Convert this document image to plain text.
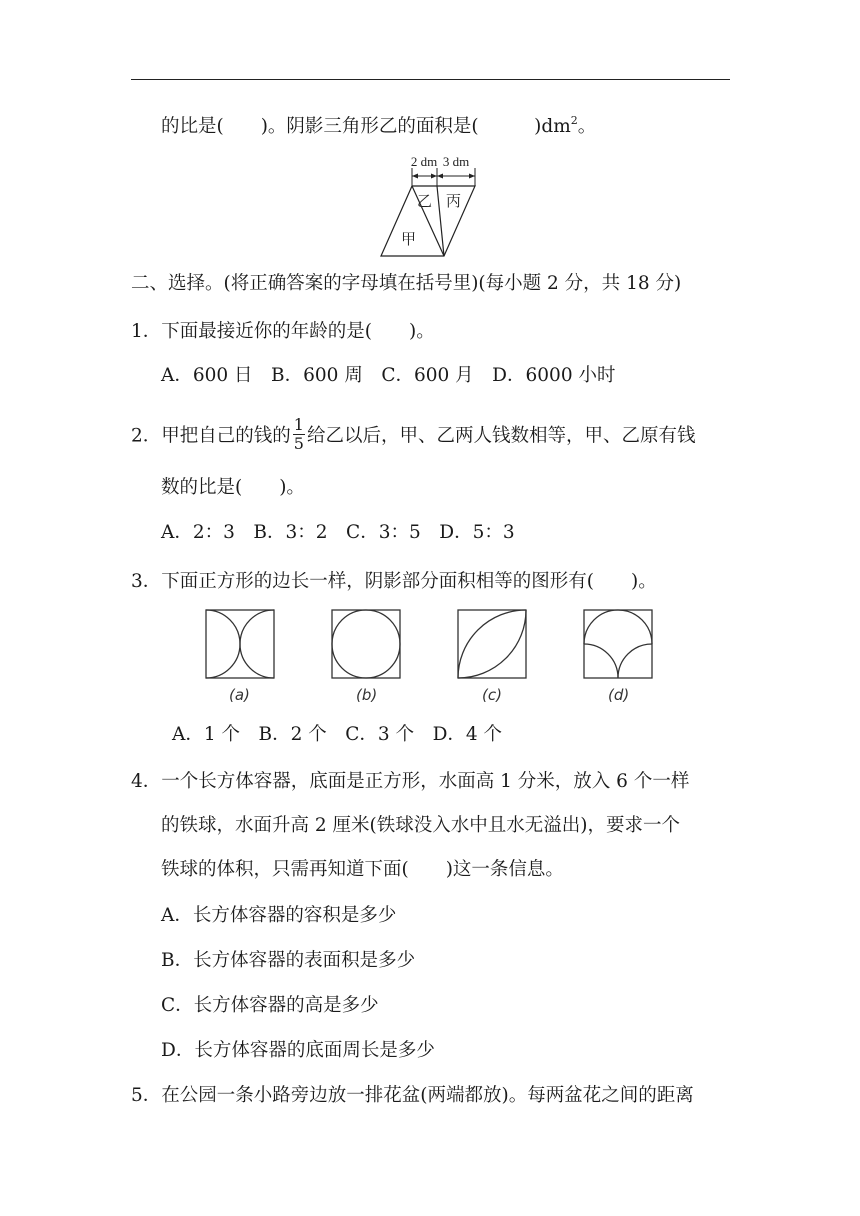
的比是(　　)。阴影三角形乙的面积是(　　　)$dm^2$。
2 dm 3 dm
乙 丙
甲
二、选择。(将正确答案的字母填在括号里)(每小题 2 分，共 18 分)
1．下面最接近你的年龄的是(　　)。
A．600 日　B．600 周　C．600 月　D．6000 小时
2．甲把自己的钱的 $\frac{1}{5}$ 给乙以后，甲、乙两人钱数相等，甲、乙原有钱
数的比是(　　)。
A．2：3　B．3：2　C．3：5　D．5：3
3．下面正方形的边长一样，阴影部分面积相等的图形有(　　)。
(a)	(b)	(c)	(d)
A．1 个　B．2 个　C．3 个　D．4 个
4．一个长方体容器，底面是正方形，水面高 1 分米，放入 6 个一样
的铁球，水面升高 2 厘米(铁球没入水中且水无溢出)，要求一个
铁球的体积，只需再知道下面(　　)这一条信息。
A．长方体容器的容积是多少
B．长方体容器的表面积是多少
C．长方体容器的高是多少
D．长方体容器的底面周长是多少
5．在公园一条小路旁边放一排花盆(两端都放)。每两盆花之间的距离
